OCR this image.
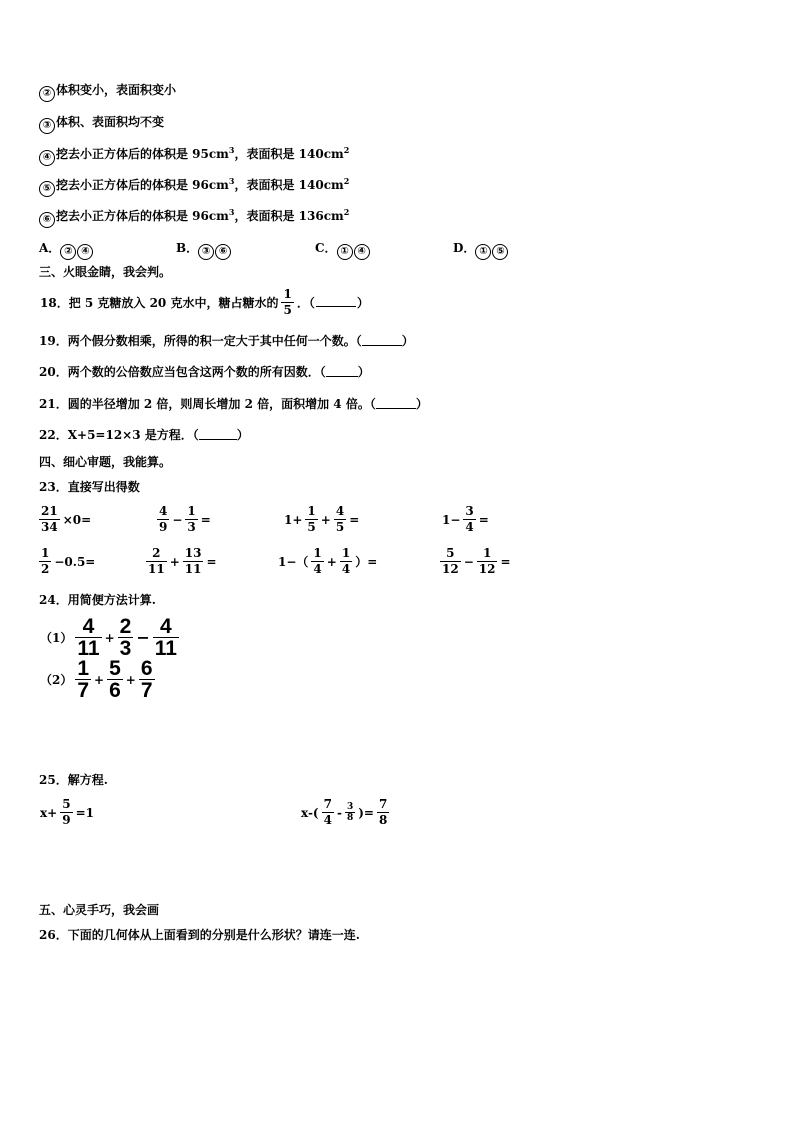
② 体积变小，表面积变小
③ 体积、表面积均不变
④ 挖去小正方体后的体积是 $95cm^3$，表面积是 $140cm^2$
⑤ 挖去小正方体后的体积是 $96cm^3$，表面积是 $140cm^2$
⑥ 挖去小正方体后的体积是 $96cm^3$，表面积是 $136cm^2$
A． ② ④	B． ③ ⑥	C． ① ④	D． ① ⑤
三、火眼金睛，我会判。
18．把 5 克糖放入 20 克水中，糖占糖水的 $\frac{1}{5}$ ．（	）
19．两个假分数相乘，所得的积一定大于其中任何一个数。（	）
20．两个数的公倍数应当包含这两个数的所有因数．（	）
21．圆的半径增加 2 倍，则周长增加 2 倍，面积增加 4 倍。（	）
22．X+5=12×3 是方程．（	）
四、细心审题，我能算。
23．直接写出得数
$\frac{21}{34} \times 0=$	$\frac{4}{9} - \frac{1}{3}$ =	$1+ \frac{1}{5} + \frac{4}{5}$ =	$1- \frac{3}{4}$ =
$\frac{1}{2} -0.5=$	$\frac{2}{11} + \frac{13}{11}$ =	$1-( \frac{1}{4} + \frac{1}{4}$ ）=	$\frac{5}{12} - \frac{1}{12}$ =
24．用简便方法计算.
$(1) \frac{4}{11} + \frac{2}{3} - \frac{4}{11}$
$(2) \frac{1}{7} + \frac{5}{6} + \frac{6}{7}$
25．解方程.
$x+ \frac{5}{9} =1$	$x-( \frac{7}{4} - \frac{3}{8}$ )= $\frac{7}{8}$
五、心灵手巧，我会画
26．下面的几何体从上面看到的分别是什么形状？请连一连.
